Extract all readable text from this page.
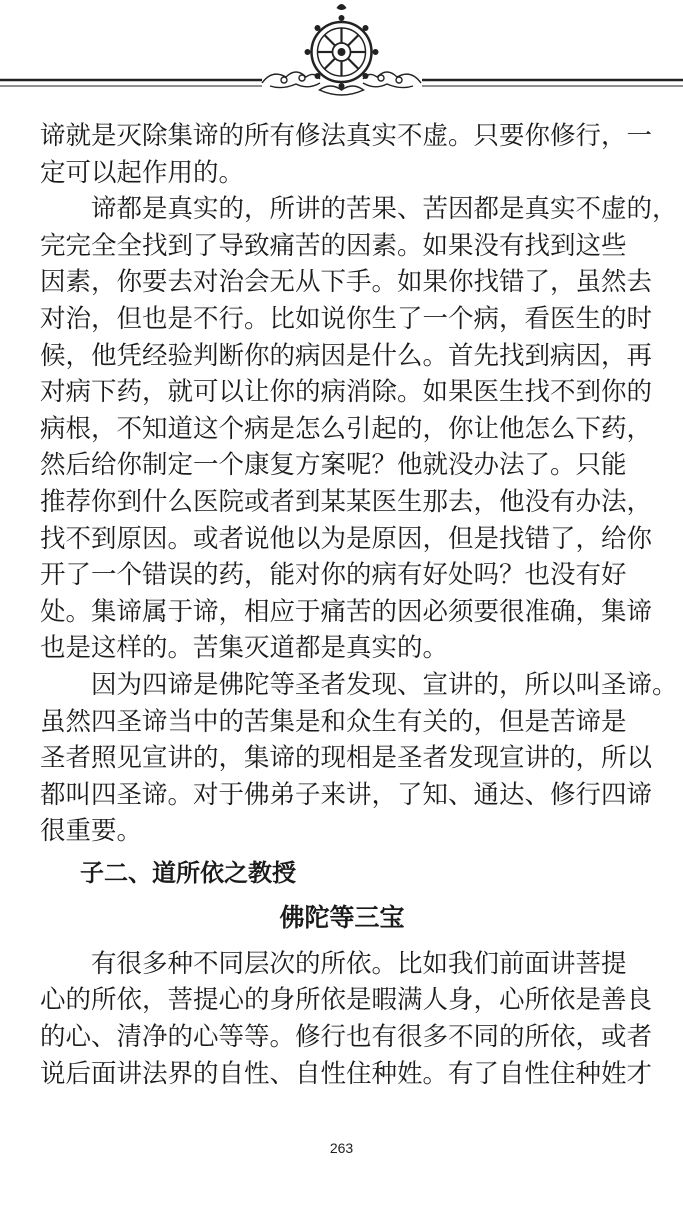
谛就是灭除集谛的所有修法真实不虚。只要你修行，一
定可以起作用的。

谛都是真实的，所讲的苦果、苦因都是真实不虚的，
完完全全找到了导致痛苦的因素。如果没有找到这些
因素，你要去对治会无从下手。如果你找错了，虽然去
对治，但也是不行。比如说你生了一个病，看医生的时
候，他凭经验判断你的病因是什么。首先找到病因，再
对病下药，就可以让你的病消除。如果医生找不到你的
病根，不知道这个病是怎么引起的，你让他怎么下药，
然后给你制定一个康复方案呢？他就没办法了。只能
推荐你到什么医院或者到某某医生那去，他没有办法，
找不到原因。或者说他以为是原因，但是找错了，给你
开了一个错误的药，能对你的病有好处吗？也没有好
处。集谛属于谛，相应于痛苦的因必须要很准确，集谛
也是这样的。苦集灭道都是真实的。

因为四谛是佛陀等圣者发现、宣讲的，所以叫圣谛。
虽然四圣谛当中的苦集是和众生有关的，但是苦谛是
圣者照见宣讲的，集谛的现相是圣者发现宣讲的，所以
都叫四圣谛。对于佛弟子来讲，了知、通达、修行四谛
很重要。

子二、道所依之教授
佛陀等三宝

有很多种不同层次的所依。比如我们前面讲菩提
心的所依，菩提心的身所依是暇满人身，心所依是善良
的心、清净的心等等。修行也有很多不同的所依，或者
说后面讲法界的自性、自性住种姓。有了自性住种姓才

263
